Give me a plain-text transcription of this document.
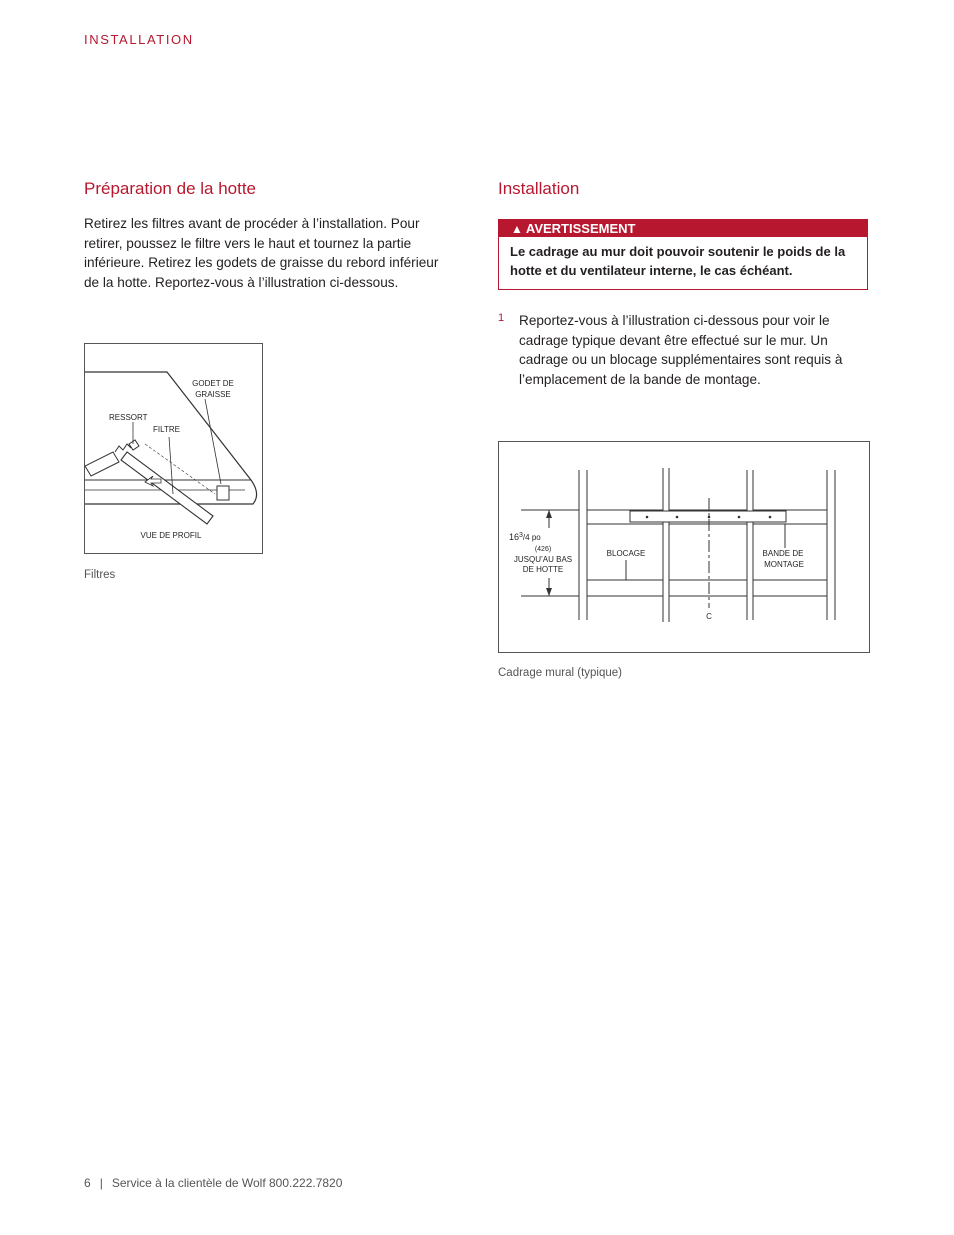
INSTALLATION

Préparation de la hotte

Retirez les filtres avant de procéder à l’installation. Pour retirer, poussez le filtre vers le haut et tournez la partie inférieure. Retirez les godets de graisse du rebord inférieur de la hotte. Reportez-vous à l’illustration ci-dessous.

GODET DE
GRAISSE
RESSORT
FILTRE
VUE DE PROFIL

Filtres

Installation
▲ AVERTISSEMENT
Le cadrage au mur doit pouvoir soutenir le poids de la hotte et du ventilateur interne, le cas échéant.
1 Reportez-vous à l’illustration ci-dessous pour voir le cadrage typique devant être effectué sur le mur. Un cadrage ou un blocage supplémentaires sont requis à l’emplacement de la bande de montage.

$16^3/4$ po
(426)
JUSQU’AU BAS
DE HOTTE
BLOCAGE	BANDE DE
MONTAGE
C

Cadrage mural (typique)

6 | Service à la clientèle de Wolf 800.222.7820
